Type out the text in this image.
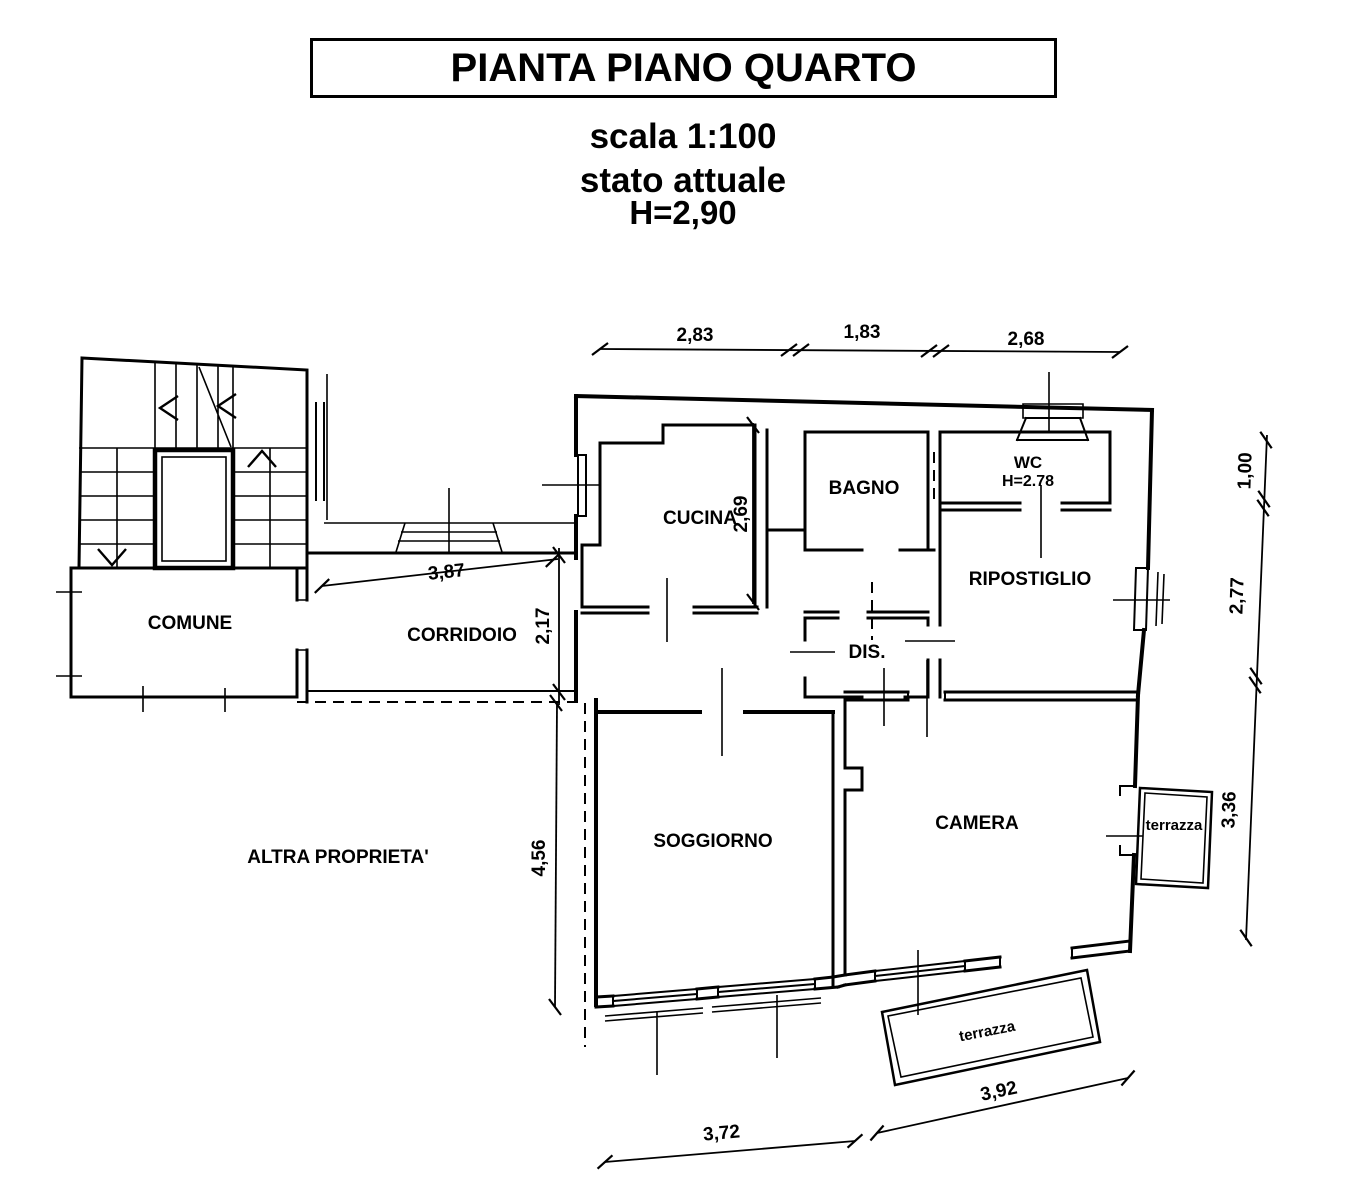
PIANTA PIANO QUARTO
scala 1:100
stato attuale
H=2,90
COMUNE
CORRIDOIO
CUCINA
BAGNO
WC
H=2.78
RIPOSTIGLIO
DIS.
SOGGIORNO
CAMERA	terrazza
terrazza
ALTRA PROPRIETA'
2,83	1,83	2,68
3,87
2,17
2,69
4,56
1,00
2,77
3,36
3,72
3,92
